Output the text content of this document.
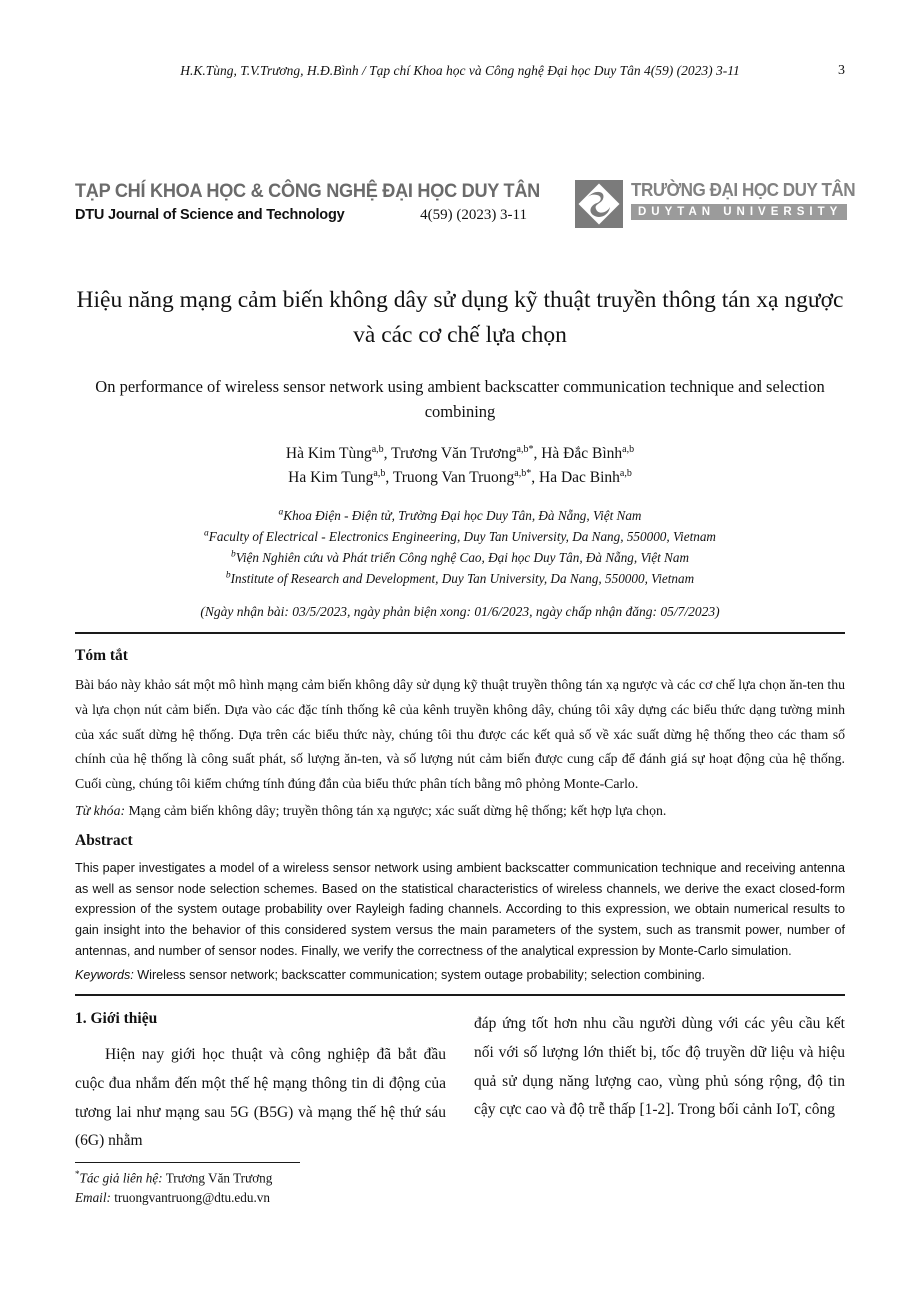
H.K.Tùng, T.V.Trương, H.Đ.Bình / Tạp chí Khoa học và Công nghệ Đại học Duy Tân 4(59) (2023) 3-11	3
TẠP CHÍ KHOA HỌC & CÔNG NGHỆ ĐẠI HỌC DUY TÂN
DTU Journal of Science and Technology	4(59) (2023) 3-11
TRƯỜNG ĐẠI HỌC DUY TÂN
DUYTAN UNIVERSITY
Hiệu năng mạng cảm biến không dây sử dụng kỹ thuật truyền thông tán xạ ngược và các cơ chế lựa chọn
On performance of wireless sensor network using ambient backscatter communication technique and selection combining
Hà Kim Tùng$^{a,b}$, Trương Văn Trương$^{a,b*}$, Hà Đắc Bình$^{a,b}$
Ha Kim Tung$^{a,b}$, Truong Van Truong$^{a,b*}$, Ha Dac Binh$^{a,b}$
$^a$Khoa Điện - Điện tử, Trường Đại học Duy Tân, Đà Nẵng, Việt Nam
$^a$Faculty of Electrical - Electronics Engineering, Duy Tan University, Da Nang, 550000, Vietnam
$^b$Viện Nghiên cứu và Phát triển Công nghệ Cao, Đại học Duy Tân, Đà Nẵng, Việt Nam
$^b$Institute of Research and Development, Duy Tan University, Da Nang, 550000, Vietnam
(Ngày nhận bài: 03/5/2023, ngày phản biện xong: 01/6/2023, ngày chấp nhận đăng: 05/7/2023)
Tóm tắt
Bài báo này khảo sát một mô hình mạng cảm biến không dây sử dụng kỹ thuật truyền thông tán xạ ngược và các cơ chế lựa chọn ăn-ten thu và lựa chọn nút cảm biến. Dựa vào các đặc tính thống kê của kênh truyền không dây, chúng tôi xây dựng các biểu thức dạng tường minh của xác suất dừng hệ thống. Dựa trên các biểu thức này, chúng tôi thu được các kết quả số về xác suất dừng hệ thống theo các tham số chính của hệ thống là công suất phát, số lượng ăn-ten, và số lượng nút cảm biến được cung cấp để đánh giá sự hoạt động của hệ thống. Cuối cùng, chúng tôi kiểm chứng tính đúng đắn của biểu thức phân tích bằng mô phỏng Monte-Carlo.
Từ khóa: Mạng cảm biến không dây; truyền thông tán xạ ngược; xác suất dừng hệ thống; kết hợp lựa chọn.
Abstract
This paper investigates a model of a wireless sensor network using ambient backscatter communication technique and receiving antenna as well as sensor node selection schemes. Based on the statistical characteristics of wireless channels, we derive the exact closed-form expression of the system outage probability over Rayleigh fading channels. According to this expression, we obtain numerical results to gain insight into the behavior of this considered system versus the main parameters of the system, such as transmit power, number of antennas, and number of sensor nodes. Finally, we verify the correctness of the analytical expression by Monte-Carlo simulation.
Keywords: Wireless sensor network; backscatter communication; system outage probability; selection combining.
1. Giới thiệu
Hiện nay giới học thuật và công nghiệp đã bắt đầu cuộc đua nhắm đến một thế hệ mạng thông tin di động của tương lai như mạng sau 5G (B5G) và mạng thế hệ thứ sáu (6G) nhằm
*Tác giả liên hệ: Trương Văn Trương
Email: truongvantruong@dtu.edu.vn
đáp ứng tốt hơn nhu cầu người dùng với các yêu cầu kết nối với số lượng lớn thiết bị, tốc độ truyền dữ liệu và hiệu quả sử dụng năng lượng cao, vùng phủ sóng rộng, độ tin cậy cực cao và độ trễ thấp [1-2]. Trong bối cảnh IoT, công
